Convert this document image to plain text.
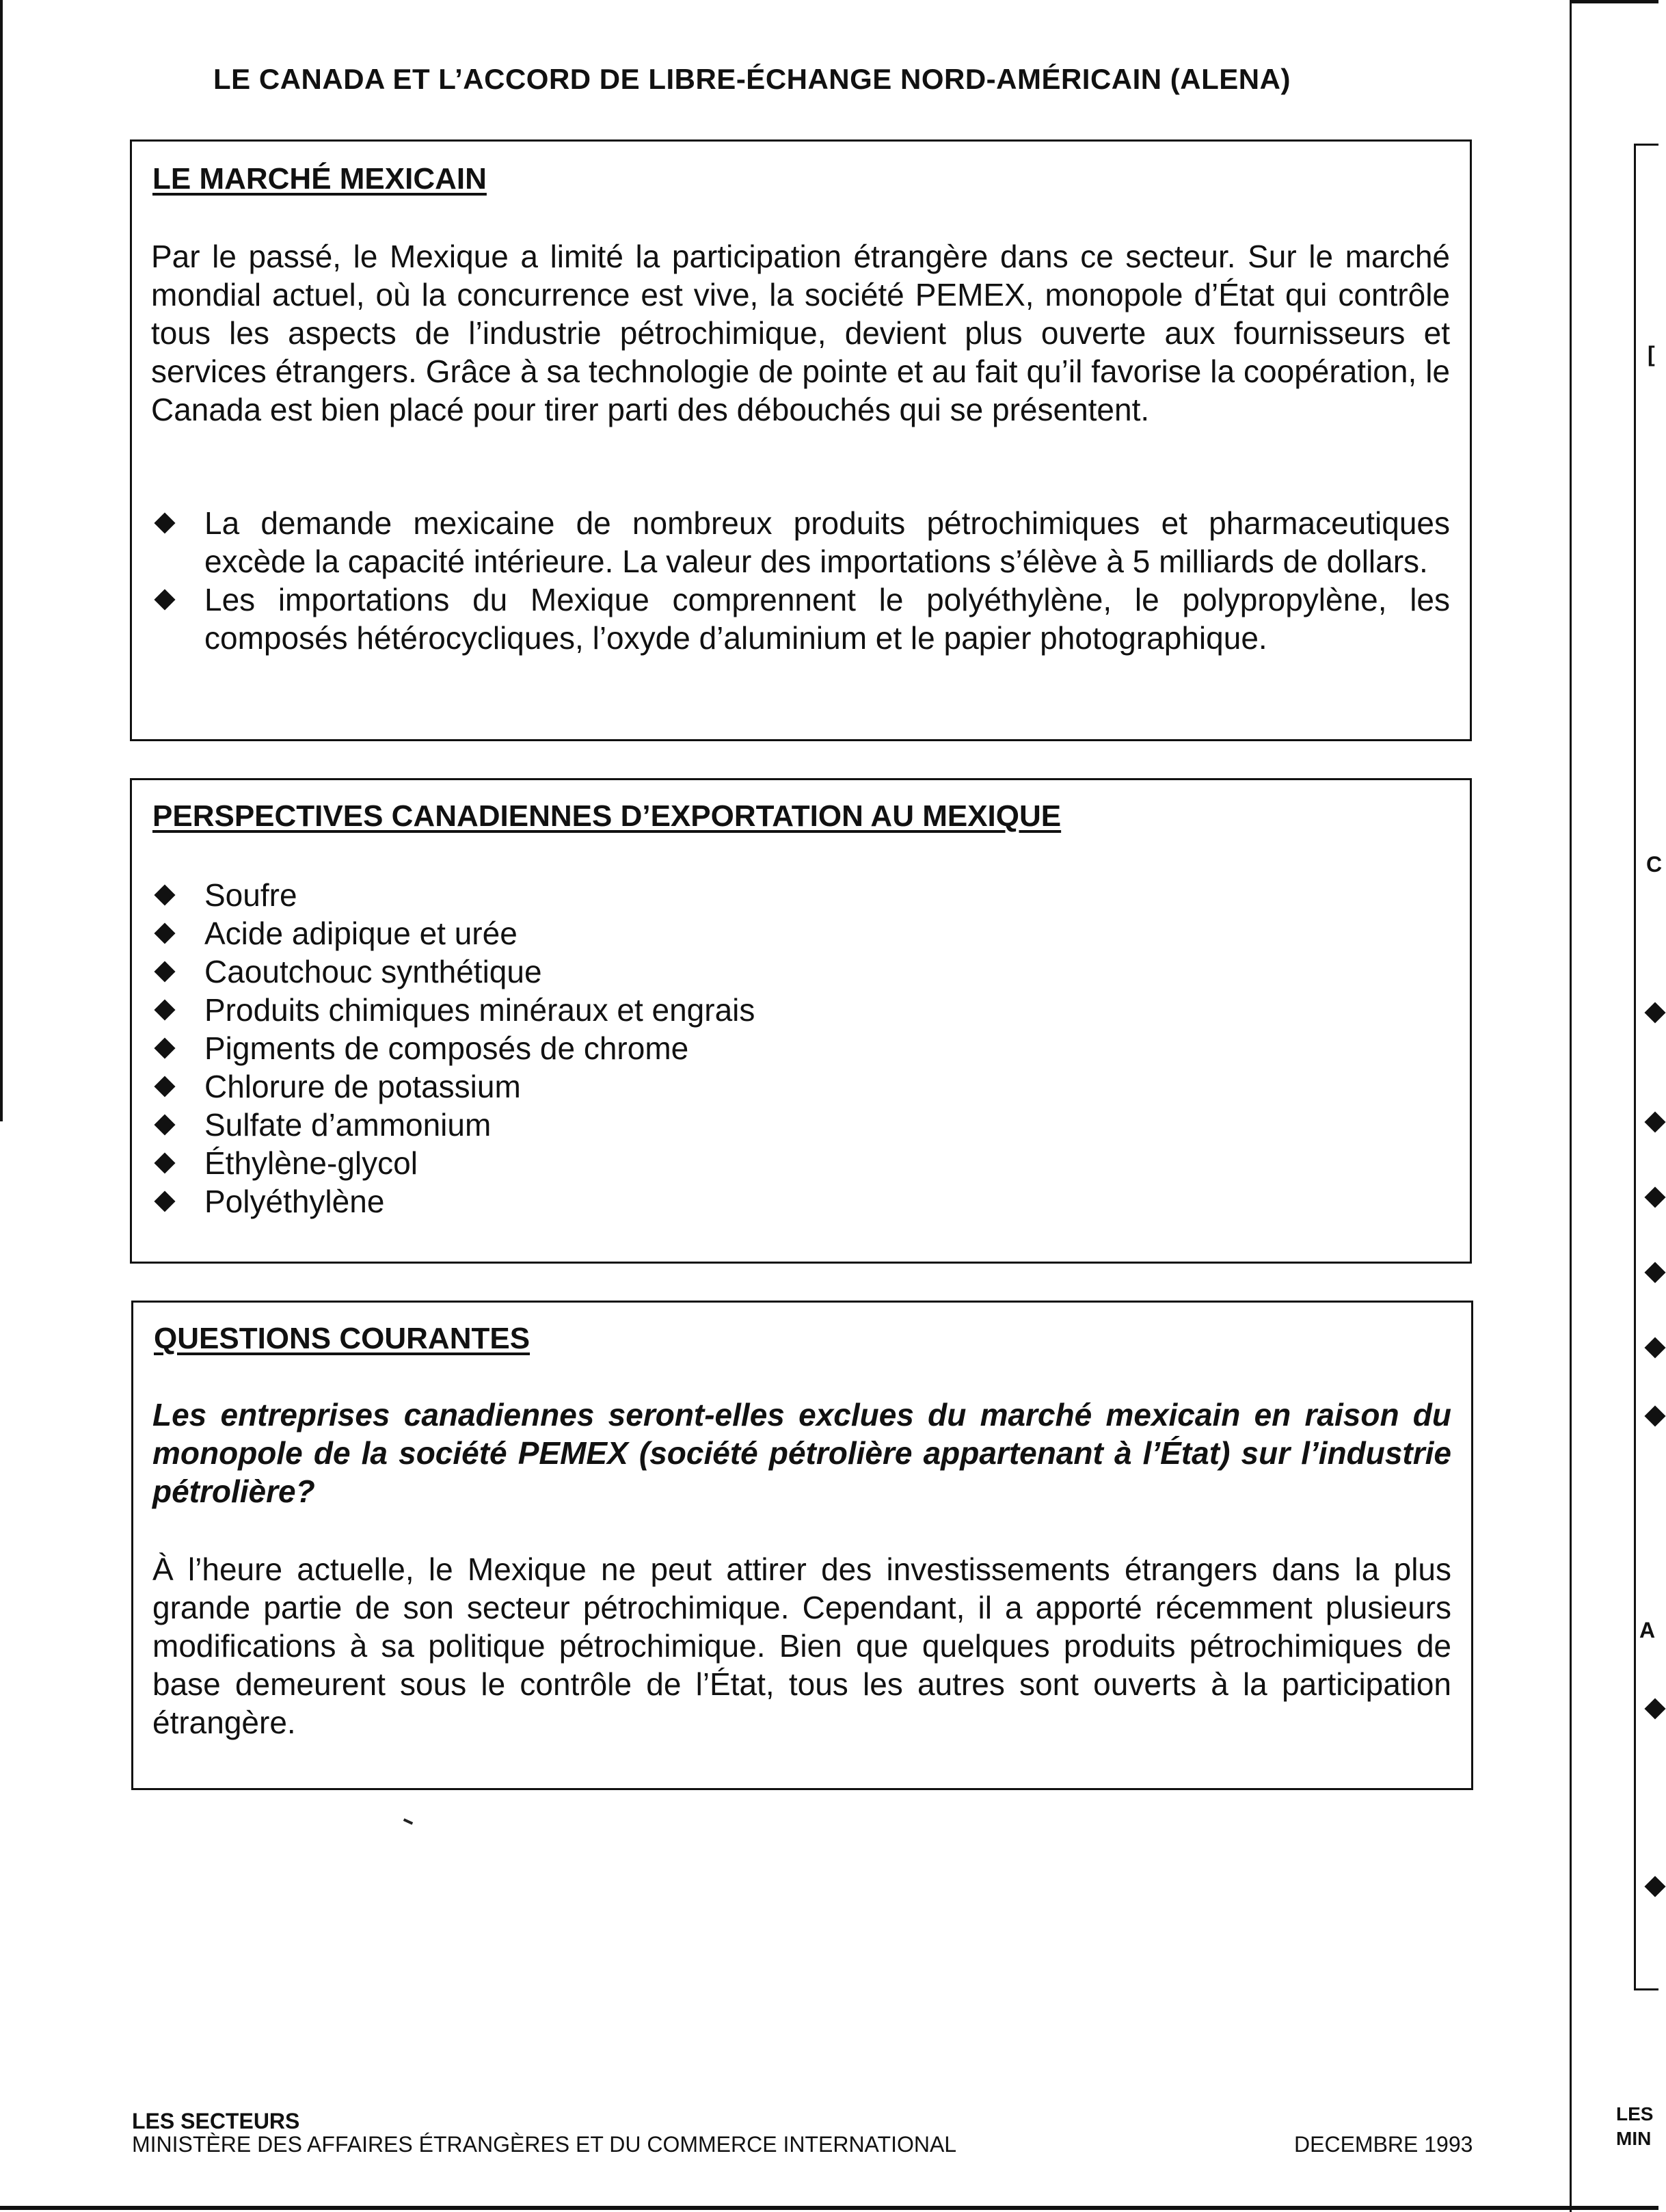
[
C
A
LES
MIN
LE CANADA ET L’ACCORD DE LIBRE-ÉCHANGE NORD-AMÉRICAIN (ALENA)
LE MARCHÉ MEXICAIN

Par le passé, le Mexique a limité la participation étrangère dans ce secteur. Sur le marché mondial actuel, où la concurrence est vive, la société PEMEX, monopole d’État qui contrôle tous les aspects de l’industrie pétrochimique, devient plus ouverte aux fournisseurs et services étrangers. Grâce à sa technologie de pointe et au fait qu’il favorise la coopération, le Canada est bien placé pour tirer parti des débouchés qui se présentent.

La demande mexicaine de nombreux produits pétrochimiques et pharmaceutiques excède la capacité intérieure. La valeur des importations s’élève à 5 milliards de dollars.
Les importations du Mexique comprennent le polyéthylène, le polypropylène, les composés hétérocycliques, l’oxyde d’aluminium et le papier photographique.
PERSPECTIVES CANADIENNES D’EXPORTATION AU MEXIQUE
Soufre
Acide adipique et urée
Caoutchouc synthétique
Produits chimiques minéraux et engrais
Pigments de composés de chrome
Chlorure de potassium
Sulfate d’ammonium
Éthylène-glycol
Polyéthylène
QUESTIONS COURANTES

Les entreprises canadiennes seront-elles exclues du marché mexicain en raison du monopole de la société PEMEX (société pétrolière appartenant à l’État) sur l’industrie pétrolière?

À l’heure actuelle, le Mexique ne peut attirer des investissements étrangers dans la plus grande partie de son secteur pétrochimique. Cependant, il a apporté récemment plusieurs modifications à sa politique pétrochimique. Bien que quelques produits pétrochimiques de base demeurent sous le contrôle de l’État, tous les autres sont ouverts à la participation étrangère.

LES SECTEURS
MINISTÈRE DES AFFAIRES ÉTRANGÈRES ET DU COMMERCE INTERNATIONAL	DECEMBRE 1993
